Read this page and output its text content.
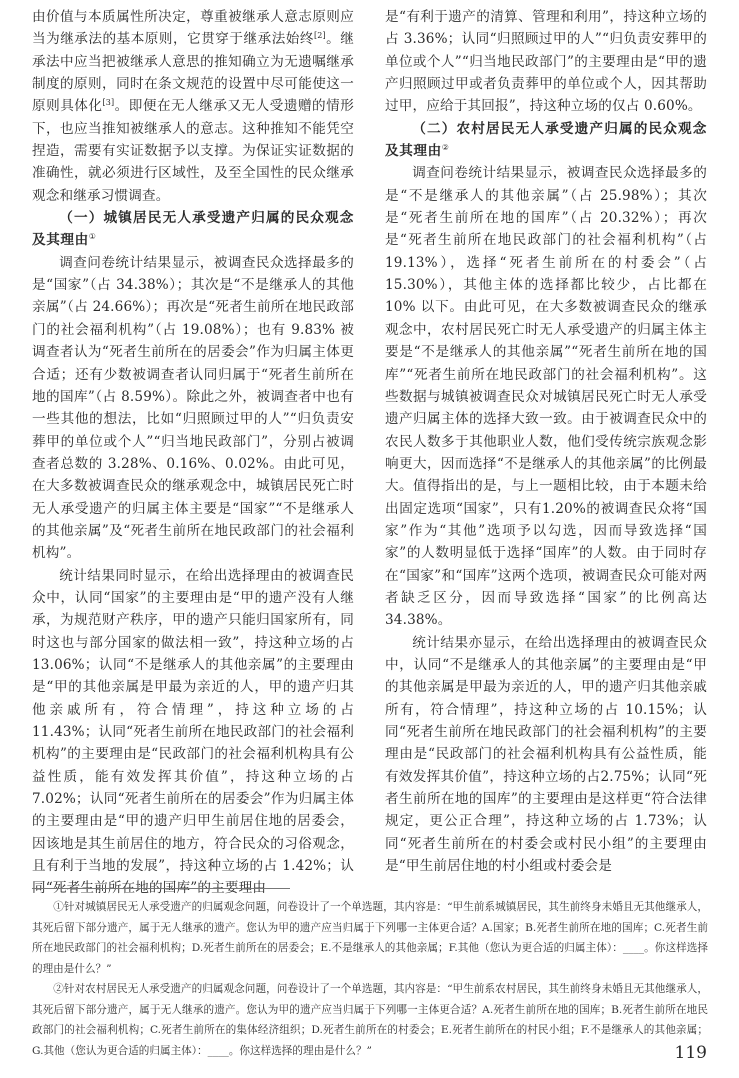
由价值与本质属性所决定，尊重被继承人意志原则应当为继承法的基本原则，它贯穿于继承法始终[2]。继承法中应当把被继承人意思的推知确立为无遗嘱继承制度的原则，同时在条文规范的设置中尽可能使这一原则具体化[3]。即便在无人继承又无人受遗赠的情形下，也应当推知被继承人的意志。这种推知不能凭空捏造，需要有实证数据予以支撑。为保证实证数据的准确性，就必须进行区域性，及至全国性的民众继承观念和继承习惯调查。

（一）城镇居民无人承受遗产归属的民众观念及其理由①

调查问卷统计结果显示，被调查民众选择最多的是“国家”（占 34.38%）；其次是“不是继承人的其他亲属”（占 24.66%）；再次是“死者生前所在地民政部门的社会福利机构”（占 19.08%）；也有 9.83% 被调查者认为“死者生前所在的居委会”作为归属主体更合适；还有少数被调查者认同归属于“死者生前所在地的国库”（占 8.59%）。除此之外，被调查者中也有一些其他的想法，比如“归照顾过甲的人”“归负责安葬甲的单位或个人”“归当地民政部门”，分别占被调查者总数的 3.28%、0.16%、0.02%。由此可见，在大多数被调查民众的继承观念中，城镇居民死亡时无人承受遗产的归属主体主要是“国家”“不是继承人的其他亲属”及“死者生前所在地民政部门的社会福利机构”。

统计结果同时显示，在给出选择理由的被调查民众中，认同“国家”的主要理由是“甲的遗产没有人继承，为规范财产秩序，甲的遗产只能归国家所有，同时这也与部分国家的做法相一致”，持这种立场的占 13.06%；认同“不是继承人的其他亲属”的主要理由是“甲的其他亲属是甲最为亲近的人，甲的遗产归其他亲戚所有，符合情理”，持这种立场的占 11.43%；认同“死者生前所在地民政部门的社会福利机构”的主要理由是“民政部门的社会福利机构具有公益性质，能有效发挥其价值”，持这种立场的占 7.02%；认同“死者生前所在的居委会”作为归属主体的主要理由是“甲的遗产归甲生前居住地的居委会，因该地是其生前居住的地方，符合民众的习俗观念，且有利于当地的发展”，持这种立场的占 1.42%；认同“死者生前所在地的国库”的主要理由

是“有利于遗产的清算、管理和利用”，持这种立场的占 3.36%；认同“归照顾过甲的人”“归负责安葬甲的单位或个人”“归当地民政部门”的主要理由是“甲的遗产归照顾过甲或者负责葬甲的单位或个人，因其帮助过甲，应给于其回报”，持这种立场的仅占 0.60%。

（二）农村居民无人承受遗产归属的民众观念及其理由②

调查问卷统计结果显示，被调查民众选择最多的是“不是继承人的其他亲属”（占 25.98%）；其次是“死者生前所在地的国库”（占 20.32%）；再次是“死者生前所在地民政部门的社会福利机构”（占 19.13%），选择“死者生前所在的村委会”（占 15.30%），其他主体的选择都比较少，占比都在 10% 以下。由此可见，在大多数被调查民众的继承观念中，农村居民死亡时无人承受遗产的归属主体主要是“不是继承人的其他亲属”“死者生前所在地的国库”“死者生前所在地民政部门的社会福利机构”。这些数据与城镇被调查民众对城镇居民死亡时无人承受遗产归属主体的选择大致一致。由于被调查民众中的农民人数多于其他职业人数，他们受传统宗族观念影响更大，因而选择“不是继承人的其他亲属”的比例最大。值得指出的是，与上一题相比较，由于本题未给出固定选项“国家”，只有1.20%的被调查民众将“国家”作为“其他”选项予以勾选，因而导致选择“国家”的人数明显低于选择“国库”的人数。由于同时存在“国家”和“国库”这两个选项，被调查民众可能对两者缺乏区分，因而导致选择“国家”的比例高达34.38%。

统计结果亦显示，在给出选择理由的被调查民众中，认同“不是继承人的其他亲属”的主要理由是“甲的其他亲属是甲最为亲近的人，甲的遗产归其他亲戚所有，符合情理”，持这种立场的占 10.15%；认同“死者生前所在地民政部门的社会福利机构”的主要理由是“民政部门的社会福利机构具有公益性质，能有效发挥其价值”，持这种立场的占2.75%；认同“死者生前所在地的国库”的主要理由是这样更“符合法律规定，更公正合理”，持这种立场的占 1.73%；认同“死者生前所在的村委会或村民小组”的主要理由是“甲生前居住地的村小组或村委会是

①针对城镇居民无人承受遗产的归属观念问题，问卷设计了一个单选题，其内容是：“甲生前系城镇居民，其生前终身未婚且无其他继承人，其死后留下部分遗产，属于无人继承的遗产。您认为甲的遗产应当归属于下列哪一主体更合适？A.国家；B.死者生前所在地的国库；C.死者生前所在地民政部门的社会福利机构；D.死者生前所在的居委会；E.不是继承人的其他亲属；F.其他（您认为更合适的归属主体）：____。你这样选择的理由是什么？”

②针对农村居民无人承受遗产的归属观念问题，问卷设计了一个单选题，其内容是：“甲生前系农村居民，其生前终身未婚且无其他继承人，其死后留下部分遗产，属于无人继承的遗产。您认为甲的遗产应当归属于下列哪一主体更合适？A.死者生前所在地的国库；B.死者生前所在地民政部门的社会福利机构；C.死者生前所在的集体经济组织；D.死者生前所在的村委会；E.死者生前所在的村民小组；F.不是继承人的其他亲属；G.其他（您认为更合适的归属主体）：____。你这样选择的理由是什么？”	119
